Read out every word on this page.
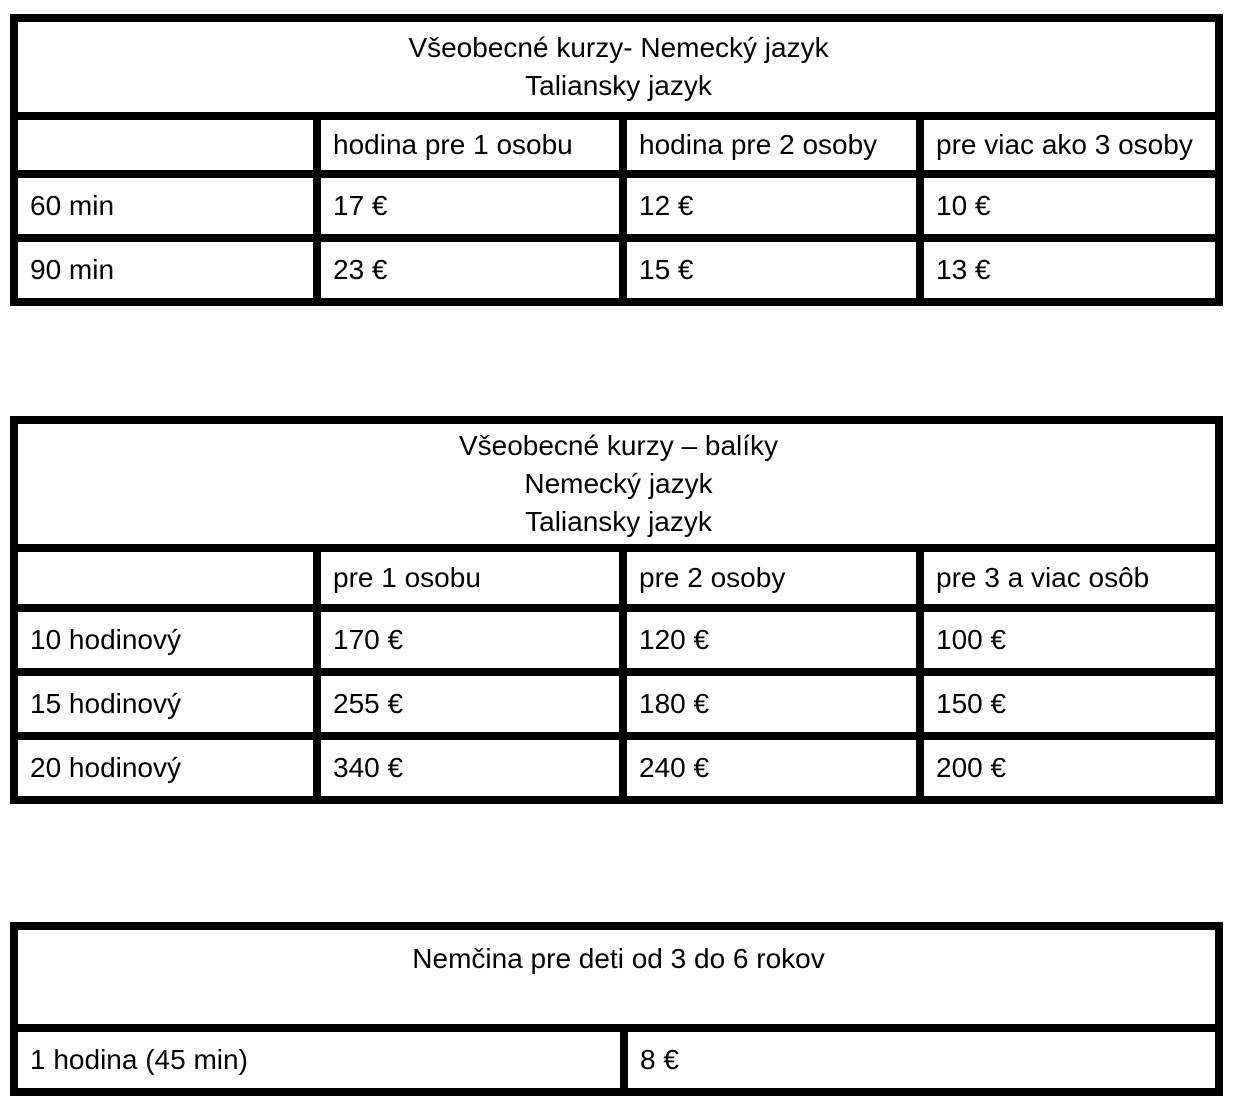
Všeobecné kurzy- Nemecký jazyk
Taliansky jazyk			

	hodina pre 1 osobu	hodina pre 2 osoby	pre viac ako 3 osoby
60 min	17 €	12 €	10 €
90 min	23 €	15 €	13 €
Všeobecné kurzy – balíky
Nemecký jazyk
Taliansky jazyk			

	pre 1 osobu	pre 2 osoby	pre 3 a viac osôb
10 hodinový	170 €	120 €	100 €
15 hodinový	255 €	180 €	150 €
20 hodinový	340 €	240 €	200 €
Nemčina pre deti od 3 do 6 rokov

1 hodina (45 min)	8 €
